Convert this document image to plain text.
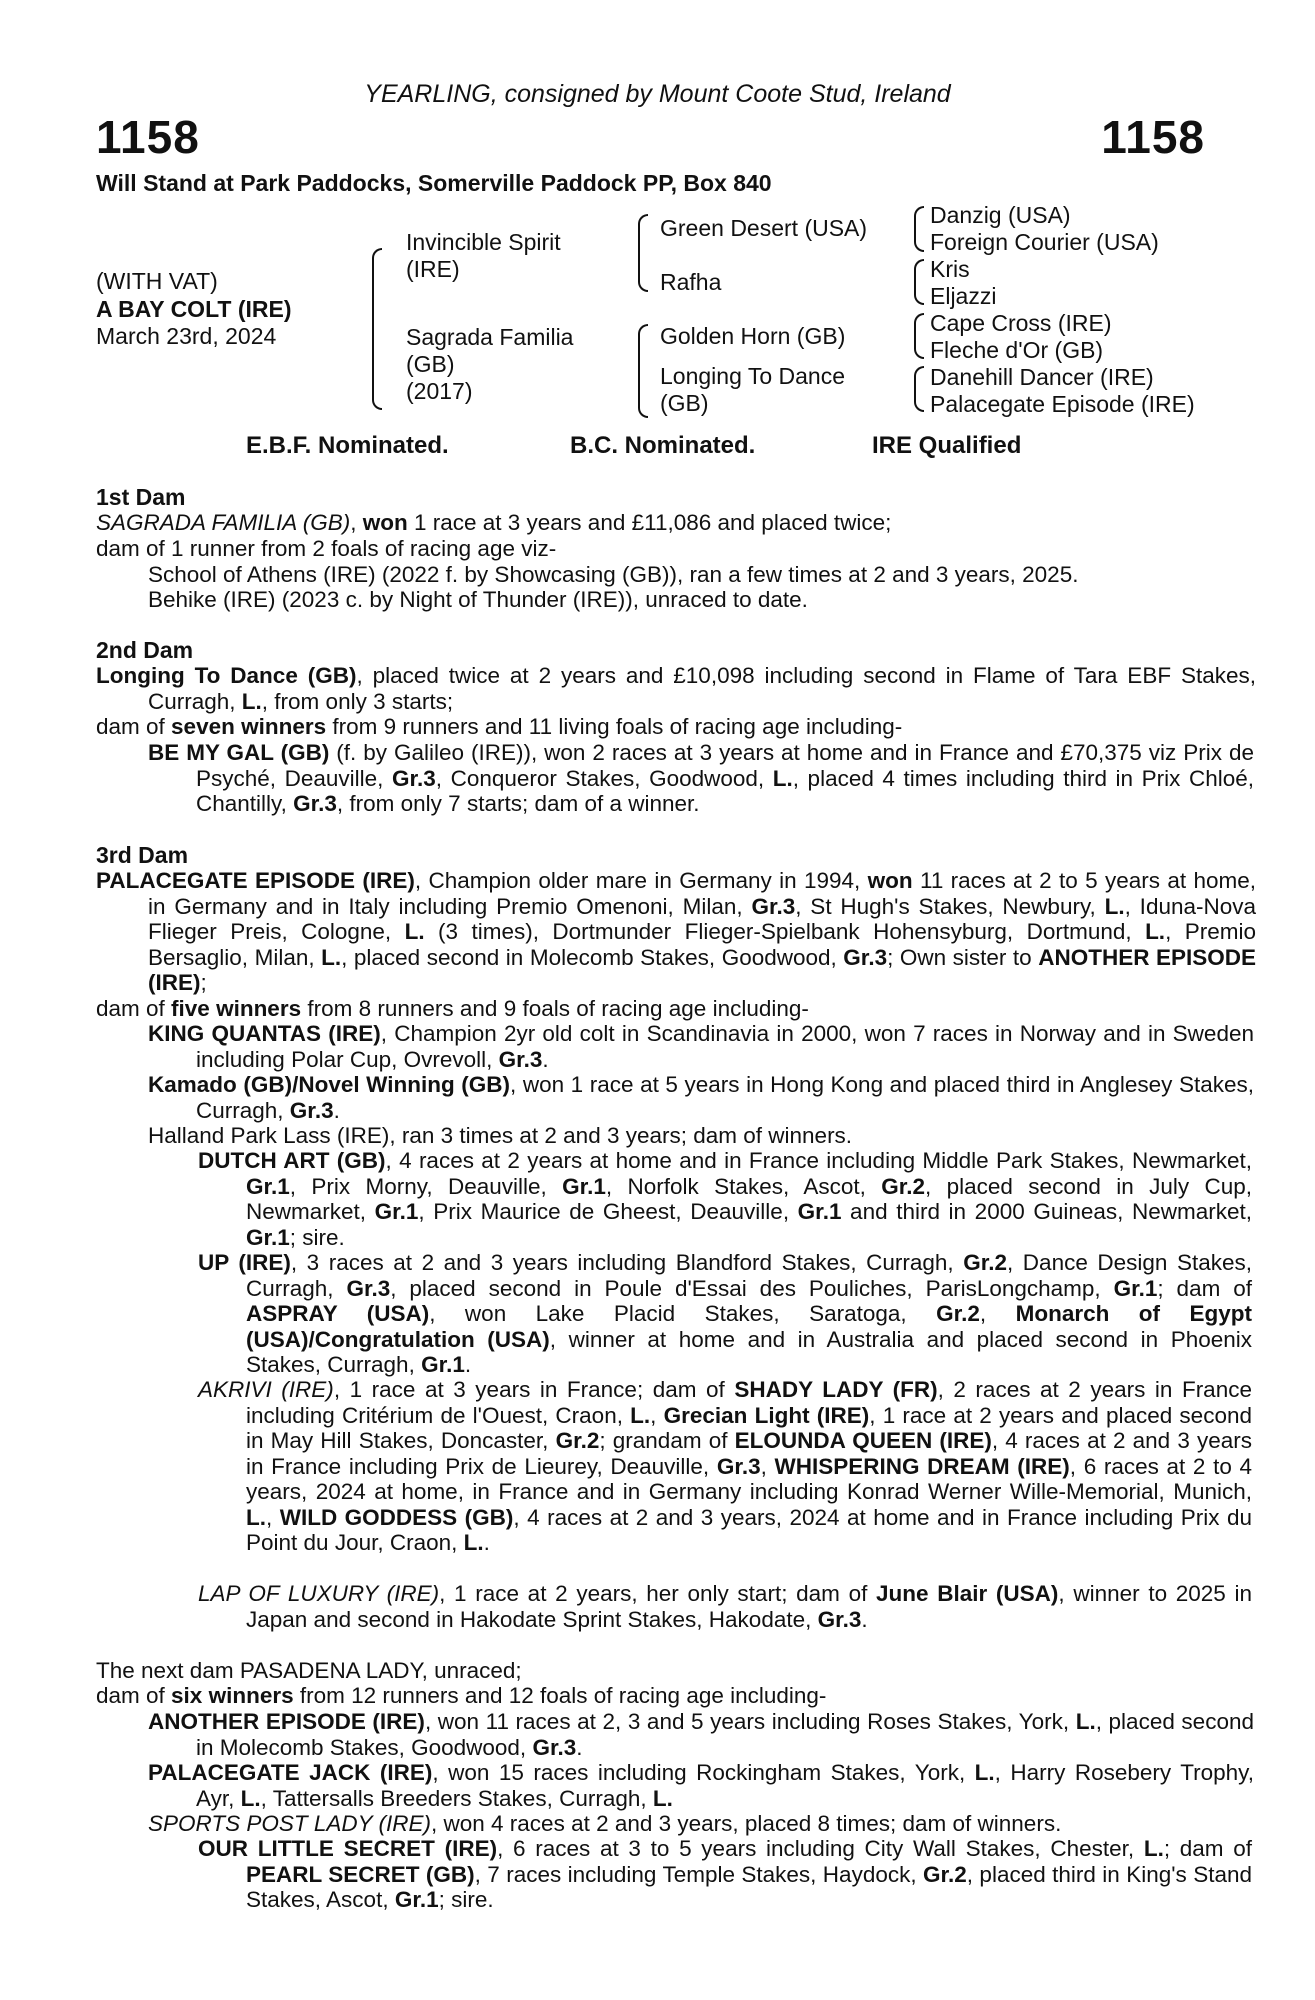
YEARLING, consigned by Mount Coote Stud, Ireland
1158	1158
Will Stand at Park Paddocks, Somerville Paddock PP, Box 840
(WITH VAT)
A BAY COLT (IRE)
March 23rd, 2024
Invincible Spirit
(IRE)
Sagrada Familia
(GB)
(2017)
Green Desert (USA)
Rafha
Golden Horn (GB)
Longing To Dance
(GB)
Danzig (USA)
Foreign Courier (USA)
Kris
Eljazzi
Cape Cross (IRE)
Fleche d'Or (GB)
Danehill Dancer (IRE)
Palacegate Episode (IRE)
E.B.F. Nominated.	B.C. Nominated.	IRE Qualified
1st Dam
SAGRADA FAMILIA (GB), won 1 race at 3 years and £11,086 and placed twice;
dam of 1 runner from 2 foals of racing age viz-
School of Athens (IRE) (2022 f. by Showcasing (GB)), ran a few times at 2 and 3 years, 2025.
Behike (IRE) (2023 c. by Night of Thunder (IRE)), unraced to date.
2nd Dam
Longing To Dance (GB), placed twice at 2 years and £10,098 including second in Flame of Tara EBF Stakes, Curragh, L., from only 3 starts;
dam of seven winners from 9 runners and 11 living foals of racing age including-
BE MY GAL (GB) (f. by Galileo (IRE)), won 2 races at 3 years at home and in France and £70,375 viz Prix de Psyché, Deauville, Gr.3, Conqueror Stakes, Goodwood, L., placed 4 times including third in Prix Chloé, Chantilly, Gr.3, from only 7 starts; dam of a winner.
3rd Dam
PALACEGATE EPISODE (IRE), Champion older mare in Germany in 1994, won 11 races at 2 to 5 years at home, in Germany and in Italy including Premio Omenoni, Milan, Gr.3, St Hugh's Stakes, Newbury, L., Iduna-Nova Flieger Preis, Cologne, L. (3 times), Dortmunder Flieger-Spielbank Hohensyburg, Dortmund, L., Premio Bersaglio, Milan, L., placed second in Molecomb Stakes, Goodwood, Gr.3; Own sister to ANOTHER EPISODE (IRE);
dam of five winners from 8 runners and 9 foals of racing age including-
KING QUANTAS (IRE), Champion 2yr old colt in Scandinavia in 2000, won 7 races in Norway and in Sweden including Polar Cup, Ovrevoll, Gr.3.
Kamado (GB)/Novel Winning (GB), won 1 race at 5 years in Hong Kong and placed third in Anglesey Stakes, Curragh, Gr.3.
Halland Park Lass (IRE), ran 3 times at 2 and 3 years; dam of winners.
DUTCH ART (GB), 4 races at 2 years at home and in France including Middle Park Stakes, Newmarket, Gr.1, Prix Morny, Deauville, Gr.1, Norfolk Stakes, Ascot, Gr.2, placed second in July Cup, Newmarket, Gr.1, Prix Maurice de Gheest, Deauville, Gr.1 and third in 2000 Guineas, Newmarket, Gr.1; sire.
UP (IRE), 3 races at 2 and 3 years including Blandford Stakes, Curragh, Gr.2, Dance Design Stakes, Curragh, Gr.3, placed second in Poule d'Essai des Pouliches, ParisLongchamp, Gr.1; dam of ASPRAY (USA), won Lake Placid Stakes, Saratoga, Gr.2, Monarch of Egypt (USA)/Congratulation (USA), winner at home and in Australia and placed second in Phoenix Stakes, Curragh, Gr.1.
AKRIVI (IRE), 1 race at 3 years in France; dam of SHADY LADY (FR), 2 races at 2 years in France including Critérium de l'Ouest, Craon, L., Grecian Light (IRE), 1 race at 2 years and placed second in May Hill Stakes, Doncaster, Gr.2; grandam of ELOUNDA QUEEN (IRE), 4 races at 2 and 3 years in France including Prix de Lieurey, Deauville, Gr.3, WHISPERING DREAM (IRE), 6 races at 2 to 4 years, 2024 at home, in France and in Germany including Konrad Werner Wille-Memorial, Munich, L., WILD GODDESS (GB), 4 races at 2 and 3 years, 2024 at home and in France including Prix du Point du Jour, Craon, L..
LAP OF LUXURY (IRE), 1 race at 2 years, her only start; dam of June Blair (USA), winner to 2025 in Japan and second in Hakodate Sprint Stakes, Hakodate, Gr.3.
The next dam PASADENA LADY, unraced;
dam of six winners from 12 runners and 12 foals of racing age including-
ANOTHER EPISODE (IRE), won 11 races at 2, 3 and 5 years including Roses Stakes, York, L., placed second in Molecomb Stakes, Goodwood, Gr.3.
PALACEGATE JACK (IRE), won 15 races including Rockingham Stakes, York, L., Harry Rosebery Trophy, Ayr, L., Tattersalls Breeders Stakes, Curragh, L.
SPORTS POST LADY (IRE), won 4 races at 2 and 3 years, placed 8 times; dam of winners.
OUR LITTLE SECRET (IRE), 6 races at 3 to 5 years including City Wall Stakes, Chester, L.; dam of PEARL SECRET (GB), 7 races including Temple Stakes, Haydock, Gr.2, placed third in King's Stand Stakes, Ascot, Gr.1; sire.
